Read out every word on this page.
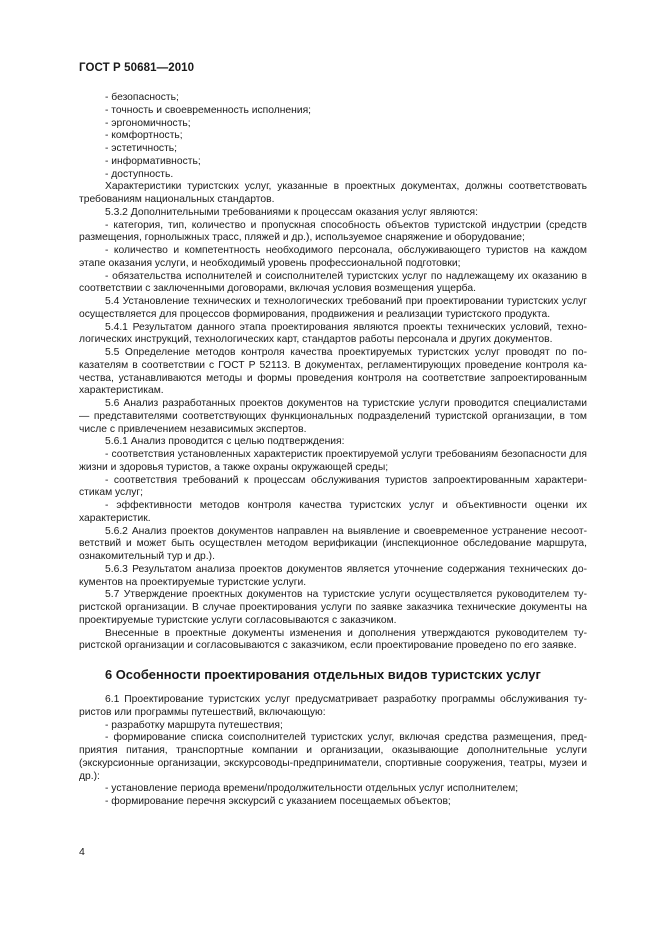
ГОСТ Р 50681—2010

- безопасность;

- точность и своевременность исполнения;

- эргономичность;

- комфортность;

- эстетичность;

- информативность;

- доступность.

Характеристики туристских услуг, указанные в проектных документах, должны соответствовать требованиям национальных стандартов.

5.3.2 Дополнительными требованиями к процессам оказания услуг являются:

- категория, тип, количество и пропускная способность объектов туристской индустрии (средств размещения, горнолыжных трасс, пляжей и др.), используемое снаряжение и оборудование;

- количество и компетентность необходимого персонала, обслуживающего туристов на каждом этапе оказания услуги, и необходимый уровень профессиональной подготовки;

- обязательства исполнителей и соисполнителей туристских услуг по надлежащему их оказанию в соответствии с заключенными договорами, включая условия возмещения ущерба.

5.4 Установление технических и технологических требований при проектировании туристских услуг осуществляется для процессов формирования, продвижения и реализации туристского продукта.

5.4.1 Результатом данного этапа проектирования являются проекты технических условий, технологических инструкций, технологических карт, стандартов работы персонала и других документов.

5.5 Определение методов контроля качества проектируемых туристских услуг проводят по показателям в соответствии с ГОСТ Р 52113. В документах, регламентирующих проведение контроля качества, устанавливаются методы и формы проведения контроля на соответствие запроектированным характеристикам.

5.6 Анализ разработанных проектов документов на туристские услуги проводится специалистами — представителями соответствующих функциональных подразделений туристской организации, в том числе с привлечением независимых экспертов.

5.6.1 Анализ проводится с целью подтверждения:

- соответствия установленных характеристик проектируемой услуги требованиям безопасности для жизни и здоровья туристов, а также охраны окружающей среды;

- соответствия требований к процессам обслуживания туристов запроектированным характеристикам услуг;

- эффективности методов контроля качества туристских услуг и объективности оценки их характеристик.

5.6.2 Анализ проектов документов направлен на выявление и своевременное устранение несоответствий и может быть осуществлен методом верификации (инспекционное обследование маршрута, ознакомительный тур и др.).

5.6.3 Результатом анализа проектов документов является уточнение содержания технических документов на проектируемые туристские услуги.

5.7 Утверждение проектных документов на туристские услуги осуществляется руководителем туристской организации. В случае проектирования услуги по заявке заказчика технические документы на проектируемые туристские услуги согласовываются с заказчиком.

Внесенные в проектные документы изменения и дополнения утверждаются руководителем туристской организации и согласовываются с заказчиком, если проектирование проведено по его заявке.

6 Особенности проектирования отдельных видов туристских услуг

6.1 Проектирование туристских услуг предусматривает разработку программы обслуживания туристов или программы путешествий, включающую:

- разработку маршрута путешествия;

- формирование списка соисполнителей туристских услуг, включая средства размещения, предприятия питания, транспортные компании и организации, оказывающие дополнительные услуги (экскурсионные организации, экскурсоводы-предприниматели, спортивные сооружения, театры, музеи и др.):

- установление периода времени/продолжительности отдельных услуг исполнителем;

- формирование перечня экскурсий с указанием посещаемых объектов;

4
